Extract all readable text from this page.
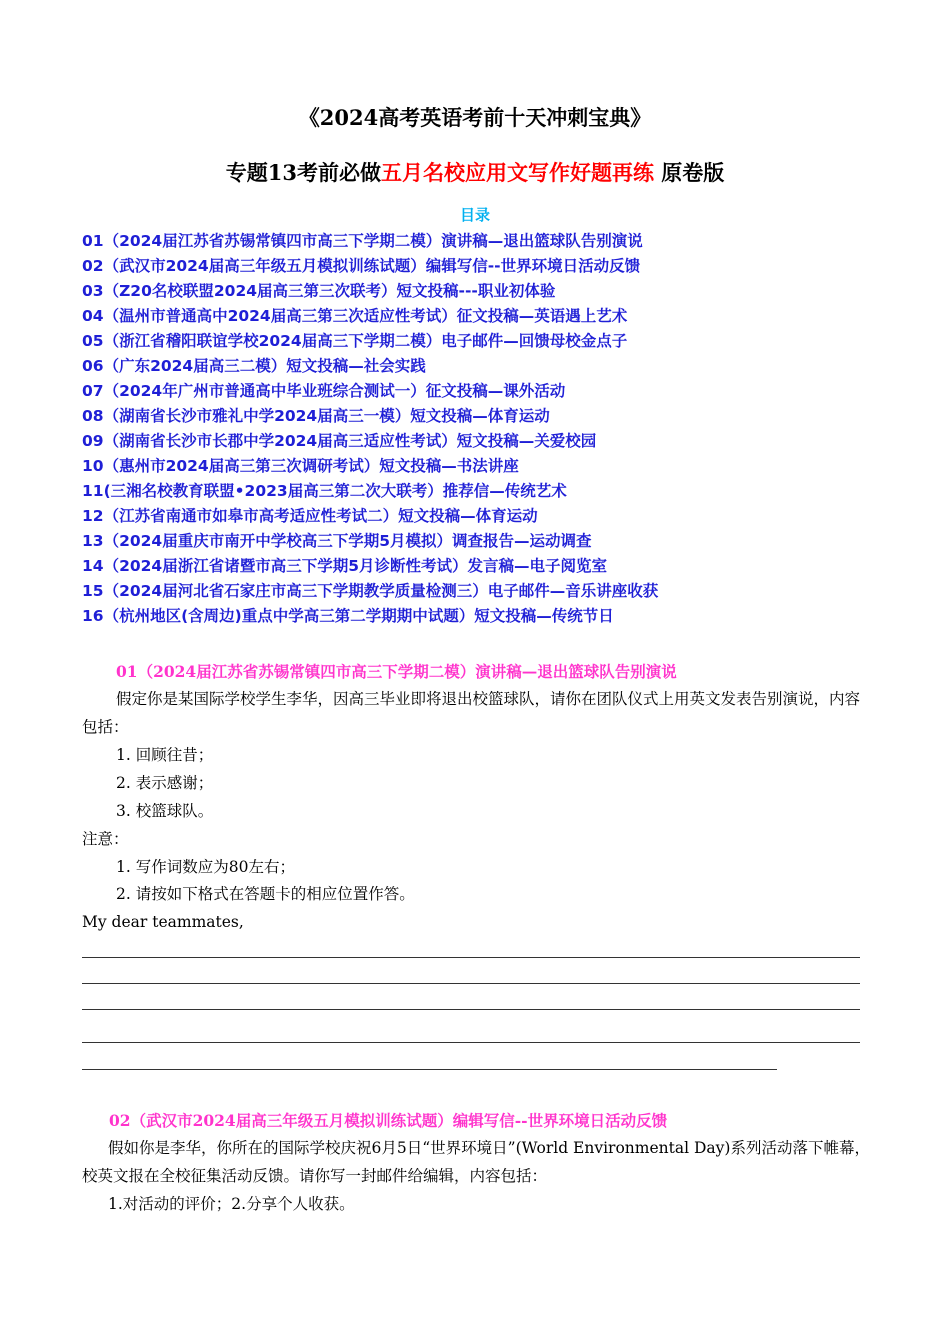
《2024高考英语考前十天冲刺宝典》
专题13考前必做五月名校应用文写作好题再练 原卷版
目录
01（2024届江苏省苏锡常镇四市高三下学期二模）演讲稿—退出篮球队告别演说
02（武汉市2024届高三年级五月模拟训练试题）编辑写信--世界环境日活动反馈
03（Z20名校联盟2024届高三第三次联考）短文投稿---职业初体验
04（温州市普通高中2024届高三第三次适应性考试）征文投稿—英语遇上艺术
05（浙江省稽阳联谊学校2024届高三下学期二模）电子邮件—回馈母校金点子
06（广东2024届高三二模）短文投稿—社会实践
07（2024年广州市普通高中毕业班综合测试一）征文投稿—课外活动
08（湖南省长沙市雅礼中学2024届高三一模）短文投稿—体育运动
09（湖南省长沙市长郡中学2024届高三适应性考试）短文投稿—关爱校园
10（惠州市2024届高三第三次调研考试）短文投稿—书法讲座
11(三湘名校教育联盟•2023届高三第二次大联考）推荐信—传统艺术
12（江苏省南通市如皋市高考适应性考试二）短文投稿—体育运动
13（2024届重庆市南开中学校高三下学期5月模拟）调查报告—运动调查
14（2024届浙江省诸暨市高三下学期5月诊断性考试）发言稿—电子阅览室
15（2024届河北省石家庄市高三下学期教学质量检测三）电子邮件—音乐讲座收获
16（杭州地区(含周边)重点中学高三第二学期期中试题）短文投稿—传统节日
01（2024届江苏省苏锡常镇四市高三下学期二模）演讲稿—退出篮球队告别演说
假定你是某国际学校学生李华，因高三毕业即将退出校篮球队，请你在团队仪式上用英文发表告别演说，内容包括：
1. 回顾往昔；
2. 表示感谢；
3. 校篮球队。
注意：
1. 写作词数应为80左右；
2. 请按如下格式在答题卡的相应位置作答。
My dear teammates,
02（武汉市2024届高三年级五月模拟训练试题）编辑写信--世界环境日活动反馈
假如你是李华，你所在的国际学校庆祝6月5日“世界环境日”(World Environmental Day)系列活动落下帷幕，校英文报在全校征集活动反馈。请你写一封邮件给编辑，内容包括：
1.对活动的评价；2.分享个人收获。
